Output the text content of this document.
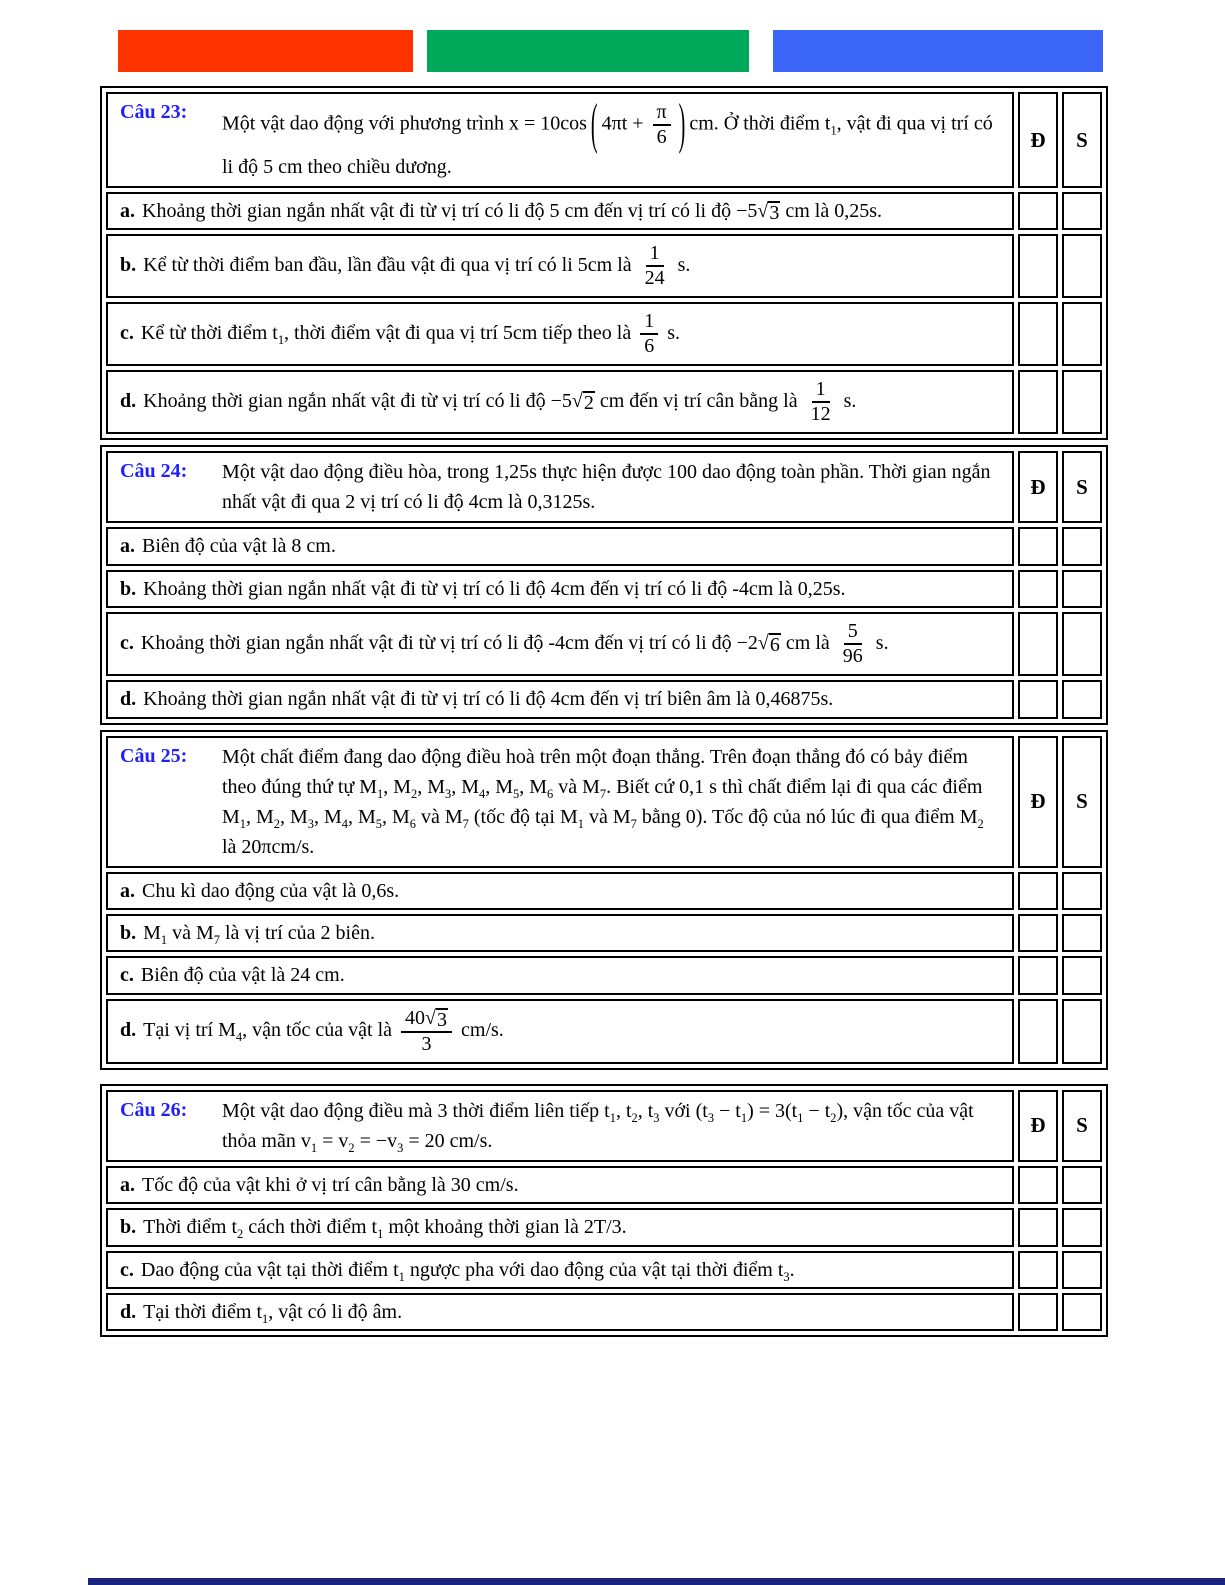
Câu 23:
Một vật dao động với phương trình x = 10cos ( $4\pi t + \frac{\pi}{6}$ ) cm. Ở thời điểm $t_1$, vật đi qua vị trí có li độ 5 cm theo chiều dương.	Đ	S
a. Khoảng thời gian ngắn nhất vật đi từ vị trí có li độ 5 cm đến vị trí có li độ −5 √ 3 cm là 0,25s.		
b. Kể từ thời điểm ban đầu, lần đầu vật đi qua vị trí có li 5cm là $\frac{1}{24} s$.		
c. Kể từ thời điểm $t_1$, thời điểm vật đi qua vị trí 5cm tiếp theo là $\frac{1}{6} s$.		
d. Khoảng thời gian ngắn nhất vật đi từ vị trí có li độ −5 √ 2 cm đến vị trí cân bằng là $\frac{1}{12} s$.		
Câu 24: Một vật dao động điều hòa, trong 1,25s thực hiện được 100 dao động toàn phần. Thời gian ngắn nhất vật đi qua 2 vị trí có li độ 4cm là 0,3125s.	Đ	S
a. Biên độ của vật là 8 cm.		
b. Khoảng thời gian ngắn nhất vật đi từ vị trí có li độ 4cm đến vị trí có li độ -4cm là 0,25s.		
c. Khoảng thời gian ngắn nhất vật đi từ vị trí có li độ -4cm đến vị trí có li độ −2 √ 6 cm là $\frac{5}{96} s$.		
d. Khoảng thời gian ngắn nhất vật đi từ vị trí có li độ 4cm đến vị trí biên âm là 0,46875s.		
Câu 25: Một chất điểm đang dao động điều hoà trên một đoạn thẳng. Trên đoạn thẳng đó có bảy điểm theo đúng thứ tự $M_1$, $M_2$, $M_3$, $M_4$, $M_5$, $M_6$ và $M_7$. Biết cứ 0,1 s thì chất điểm lại đi qua các điểm $M_1$, $M_2$, $M_3$, $M_4$, $M_5$, $M_6$ và $M_7$ (tốc độ tại $M_1$ và $M_7$ bằng 0). Tốc độ của nó lúc đi qua điểm $M_2$ là 20πcm/s.	Đ	S
a. Chu kì dao động của vật là 0,6s.		
b. $M_1$ và $M_7$ là vị trí của 2 biên.		
c. Biên độ của vật là 24 cm.		
d. Tại vị trí $M_4$, vận tốc của vật là $\frac{40 √ 3}{3} cm/s$.		
Câu 26: Một vật dao động điều mà 3 thời điểm liên tiếp $t_1$, $t_2$, $t_3$ với $(t_3 - t_1) = 3(t_1 - t_2)$, vận tốc của vật thỏa mãn $v_1 = v_2 = -v_3 = 20$ cm/s.	Đ	S
a. Tốc độ của vật khi ở vị trí cân bằng là 30 cm/s.		
b. Thời điểm $t_2$ cách thời điểm $t_1$ một khoảng thời gian là 2T/3.		
c. Dao động của vật tại thời điểm $t_1$ ngược pha với dao động của vật tại thời điểm $t_3$.		
d. Tại thời điểm $t_1$, vật có li độ âm.		
